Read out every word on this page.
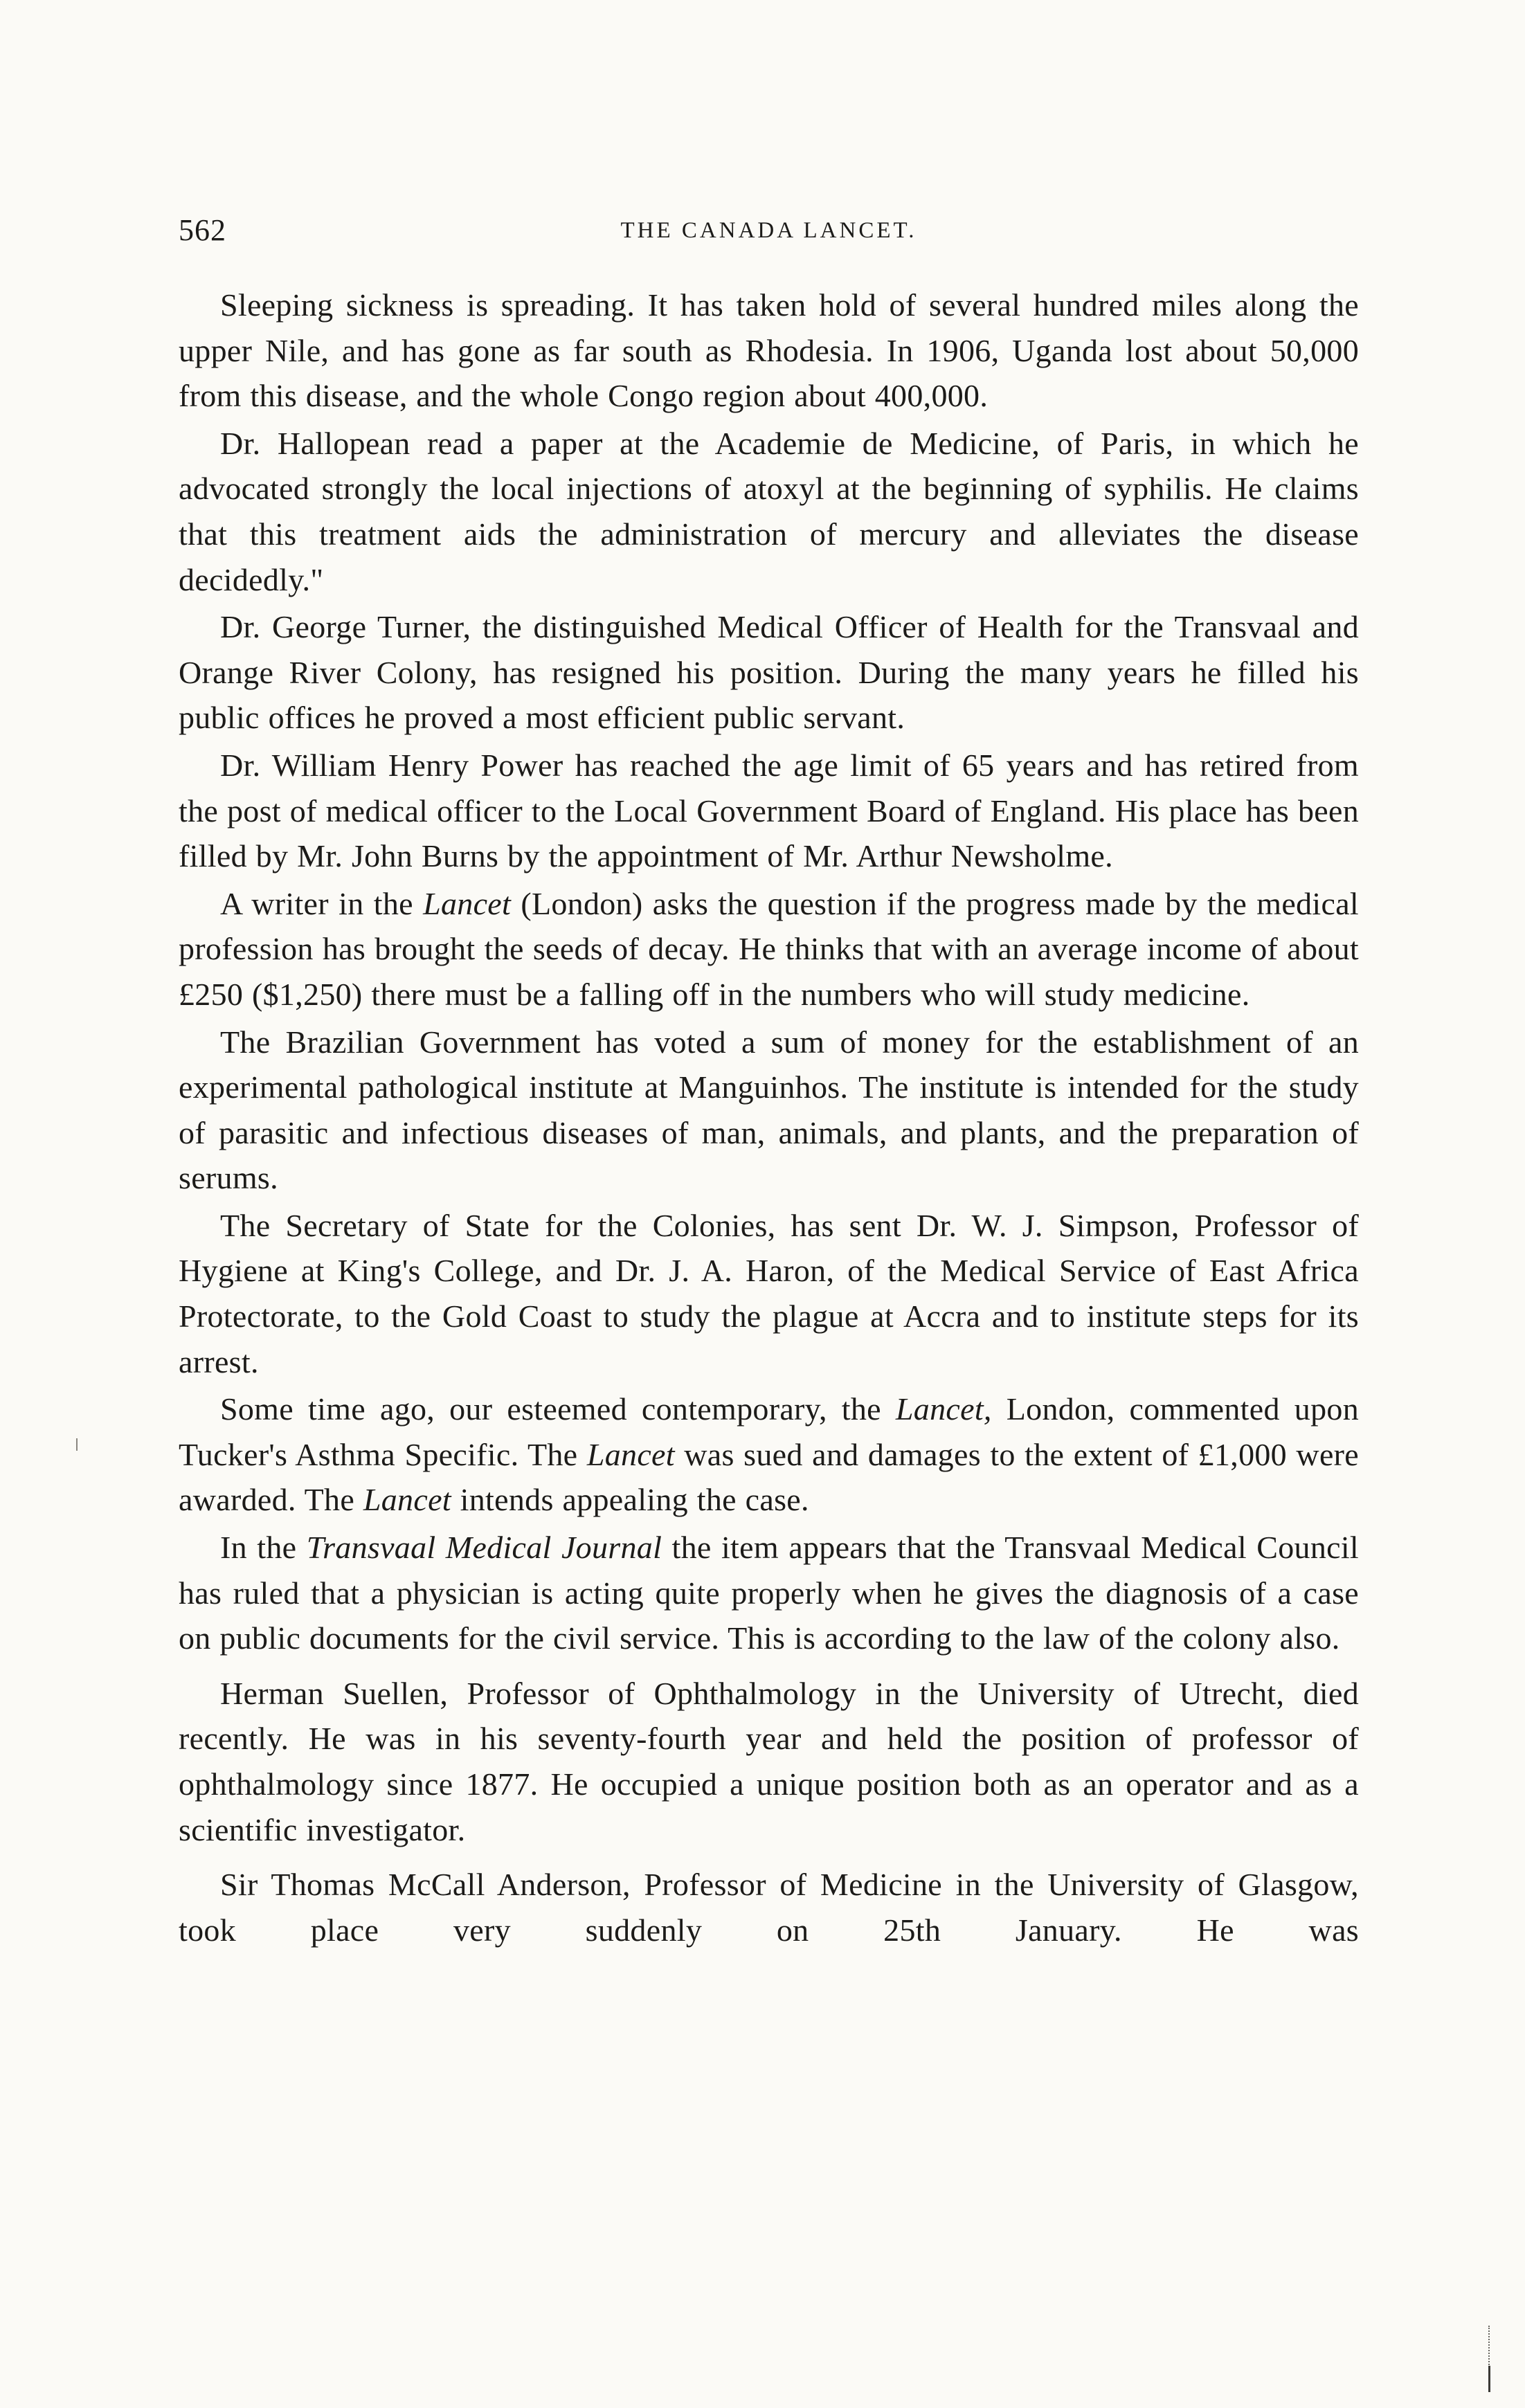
562	THE CANADA LANCET.

Sleeping sickness is spreading. It has taken hold of several hundred miles along the upper Nile, and has gone as far south as Rhodesia. In 1906, Uganda lost about 50,000 from this disease, and the whole Congo region about 400,000.

Dr. Hallopean read a paper at the Academie de Medicine, of Paris, in which he advocated strongly the local injections of atoxyl at the beginning of syphilis. He claims that this treatment aids the administration of mercury and alleviates the disease decidedly."

Dr. George Turner, the distinguished Medical Officer of Health for the Transvaal and Orange River Colony, has resigned his position. During the many years he filled his public offices he proved a most efficient public servant.

Dr. William Henry Power has reached the age limit of 65 years and has retired from the post of medical officer to the Local Government Board of England. His place has been filled by Mr. John Burns by the appointment of Mr. Arthur Newsholme.

A writer in the Lancet (London) asks the question if the progress made by the medical profession has brought the seeds of decay. He thinks that with an average income of about £250 ($1,250) there must be a falling off in the numbers who will study medicine.

The Brazilian Government has voted a sum of money for the establishment of an experimental pathological institute at Manguinhos. The institute is intended for the study of parasitic and infectious diseases of man, animals, and plants, and the preparation of serums.

The Secretary of State for the Colonies, has sent Dr. W. J. Simpson, Professor of Hygiene at King's College, and Dr. J. A. Haron, of the Medical Service of East Africa Protectorate, to the Gold Coast to study the plague at Accra and to institute steps for its arrest.

Some time ago, our esteemed contemporary, the Lancet, London, commented upon Tucker's Asthma Specific. The Lancet was sued and damages to the extent of £1,000 were awarded. The Lancet intends appealing the case.

In the Transvaal Medical Journal the item appears that the Transvaal Medical Council has ruled that a physician is acting quite properly when he gives the diagnosis of a case on public documents for the civil service. This is according to the law of the colony also.

Herman Suellen, Professor of Ophthalmology in the University of Utrecht, died recently. He was in his seventy-fourth year and held the position of professor of ophthalmology since 1877. He occupied a unique position both as an operator and as a scientific investigator.

Sir Thomas McCall Anderson, Professor of Medicine in the University of Glasgow, took place very suddenly on 25th January. He was
